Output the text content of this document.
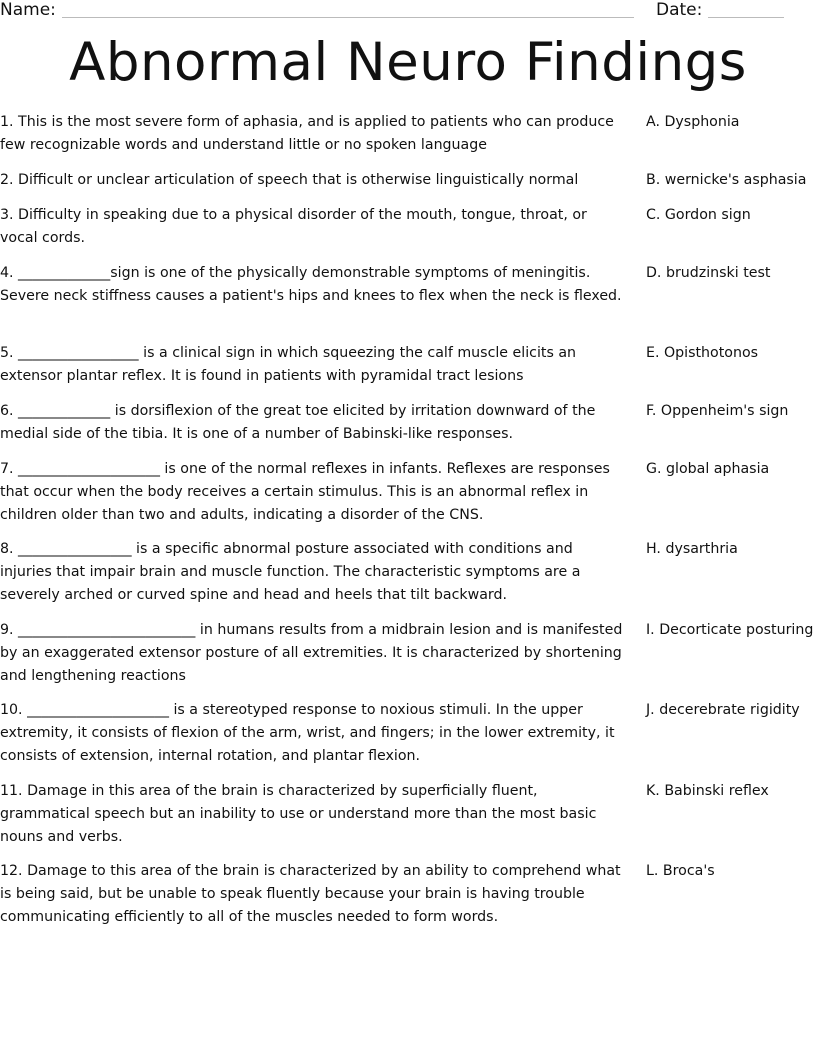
Name:	Date:
Abnormal Neuro Findings
1. This is the most severe form of aphasia, and is applied to patients who can produce few recognizable words and understand little or no spoken language
A. Dysphonia
2. Difficult or unclear articulation of speech that is otherwise linguistically normal	B. wernicke's asphasia
3. Difficulty in speaking due to a physical disorder of the mouth, tongue, throat, or vocal cords.
C. Gordon sign
4. _____________sign is one of the physically demonstrable symptoms of meningitis. Severe neck stiffness causes a patient's hips and knees to flex when the neck is flexed.
D. brudzinski test
5. _________________ is a clinical sign in which squeezing the calf muscle elicits an extensor plantar reflex. It is found in patients with pyramidal tract lesions
E. Opisthotonos
6. _____________ is dorsiflexion of the great toe elicited by irritation downward of the medial side of the tibia. It is one of a number of Babinski-like responses.
F. Oppenheim's sign
7. ____________________ is one of the normal reflexes in infants. Reflexes are responses that occur when the body receives a certain stimulus. This is an abnormal reflex in children older than two and adults, indicating a disorder of the CNS.
G. global aphasia
8. ________________ is a specific abnormal posture associated with conditions and injuries that impair brain and muscle function. The characteristic symptoms are a severely arched or curved spine and head and heels that tilt backward.
H. dysarthria
9. _________________________ in humans results from a midbrain lesion and is manifested by an exaggerated extensor posture of all extremities. It is characterized by shortening and lengthening reactions
I. Decorticate posturing
10. ____________________ is a stereotyped response to noxious stimuli. In the upper extremity, it consists of flexion of the arm, wrist, and fingers; in the lower extremity, it consists of extension, internal rotation, and plantar flexion.
J. decerebrate rigidity
11. Damage in this area of the brain is characterized by superficially fluent, grammatical speech but an inability to use or understand more than the most basic nouns and verbs.
K. Babinski reflex
12. Damage to this area of the brain is characterized by an ability to comprehend what is being said, but be unable to speak fluently because your brain is having trouble communicating efficiently to all of the muscles needed to form words.
L. Broca's
